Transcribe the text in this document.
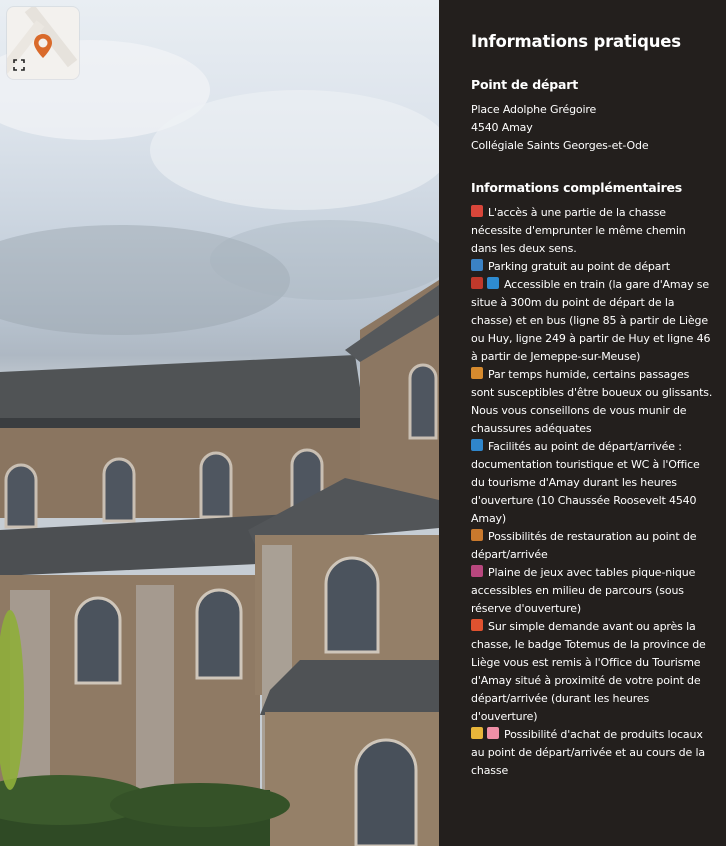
Informations pratiques
Point de départ
Place Adolphe Grégoire
4540 Amay
Collégiale Saints Georges-et-Ode
Informations complémentaires
L'accès à une partie de la chasse nécessite d'emprunter le même chemin dans les deux sens.
Parking gratuit au point de départ
Accessible en train (la gare d'Amay se situe à 300m du point de départ de la chasse) et en bus (ligne 85 à partir de Liège ou Huy, ligne 249 à partir de Huy et ligne 46 à partir de Jemeppe-sur-Meuse)
Par temps humide, certains passages sont susceptibles d'être boueux ou glissants. Nous vous conseillons de vous munir de chaussures adéquates
Facilités au point de départ/arrivée : documentation touristique et WC à l'Office du tourisme d'Amay durant les heures d'ouverture (10 Chaussée Roosevelt 4540 Amay)
Possibilités de restauration au point de départ/arrivée
Plaine de jeux avec tables pique-nique accessibles en milieu de parcours (sous réserve d'ouverture)
Sur simple demande avant ou après la chasse, le badge Totemus de la province de Liège vous est remis à l'Office du Tourisme d'Amay situé à proximité de votre point de départ/arrivée (durant les heures d'ouverture)
Possibilité d'achat de produits locaux au point de départ/arrivée et au cours de la chasse
